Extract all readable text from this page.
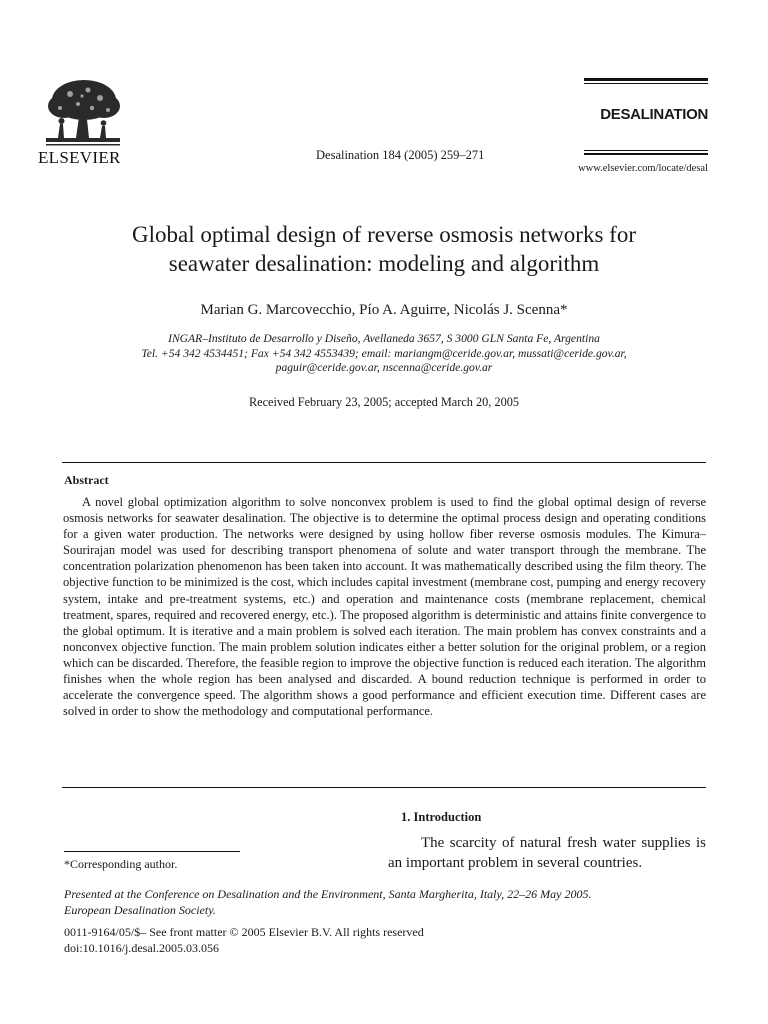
ELSEVIER	Desalination 184 (2005) 259–271
DESALINATION
www.elsevier.com/locate/desal
Global optimal design of reverse osmosis networks for
seawater desalination: modeling and algorithm
Marian G. Marcovecchio, Pío A. Aguirre, Nicolás J. Scenna*
INGAR–Instituto de Desarrollo y Diseño, Avellaneda 3657, S 3000 GLN Santa Fe, Argentina
Tel. +54 342 4534451; Fax +54 342 4553439; email: mariangm@ceride.gov.ar, mussati@ceride.gov.ar,
paguir@ceride.gov.ar, nscenna@ceride.gov.ar
Received February 23, 2005; accepted March 20, 2005
Abstract
A novel global optimization algorithm to solve nonconvex problem is used to find the global optimal design of reverse osmosis networks for seawater desalination. The objective is to determine the optimal process design and operating conditions for a given water production. The networks were designed by using hollow fiber reverse osmosis modules. The Kimura–Sourirajan model was used for describing transport phenomena of solute and water transport through the membrane. The concentration polarization phenomenon has been taken into account. It was mathematically described using the film theory. The objective function to be minimized is the cost, which includes capital investment (membrane cost, pumping and energy recovery system, intake and pre-treatment systems, etc.) and operation and maintenance costs (membrane replacement, chemical treatment, spares, required and recovered energy, etc.). The proposed algorithm is deterministic and attains finite convergence to the global optimum. It is iterative and a main problem is solved each iteration. The main problem has convex constraints and a nonconvex objective function. The main problem solution indicates either a better solution for the original problem, or a region which can be discarded. Therefore, the feasible region to improve the objective function is reduced each iteration. The algorithm finishes when the whole region has been analysed and discarded. A bound reduction technique is performed in order to accelerate the convergence speed. The algorithm shows a good performance and efficient execution time. Different cases are solved in order to show the methodology and computational performance.
1. Introduction
The scarcity of natural fresh water supplies is an important problem in several countries.
*Corresponding author.
Presented at the Conference on Desalination and the Environment, Santa Margherita, Italy, 22–26 May 2005.
European Desalination Society.
0011-9164/05/$– See front matter © 2005 Elsevier B.V. All rights reserved
doi:10.1016/j.desal.2005.03.056
